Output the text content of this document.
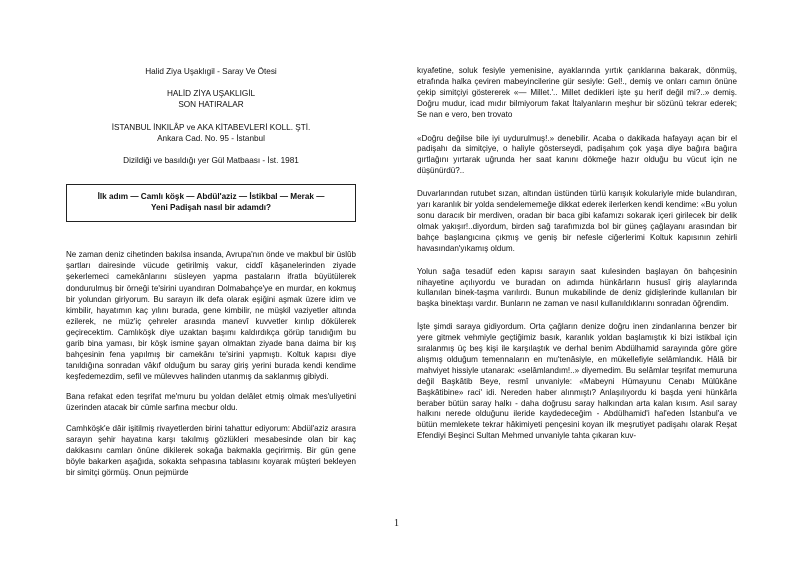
Halid Ziya Uşaklıgil - Saray Ve Ötesi

HALİD ZİYA UŞAKLIGİL

SON HATIRALAR

İSTANBUL İNKILÂP ve AKA KİTABEVLERİ KOLL. ŞTİ.

Ankara Cad. No. 95 - İstanbul

Dizildiği ve basıldığı yer Gül Matbaası - İst. 1981

İlk adım — Camlı köşk — Abdül'aziz — İstikbal — Merak —
Yeni Padişah nasıl bir adamdı?

Ne zaman deniz cihetinden bakılsa insanda, Avrupa'nın önde ve makbul bir üslûb şartları dairesinde vücude getirilmiş vakur, ciddî kâşanelerinden ziyade şekerlemeci camekânlarını süsleyen yapma pastaların ifratla büyütülerek dondurulmuş bir örneği te'sirini uyandıran Dolmabahçe'ye en murdar, en kokmuş bir yolundan giriyorum. Bu sarayın ilk defa olarak eşiğini aşmak üzere idim ve kimbilir, hayatımın kaç yılını burada, gene kimbilir, ne müşkil vaziyetler altında ezilerek, ne müz'iç çehreler arasında manevî kuvvetler kırılıp dökülerek geçirecektim. Camlıköşk diye uzaktan başımı kaldırdıkça görüp tanıdığım bu garib bina yaması, bir köşk ismine şayan olmaktan ziyade bana daima bir kış bahçesinin fena yapılmış bir camekânı te'sirini yapmıştı. Koltuk kapısı diye tanıldığına sonradan vâkıf olduğum bu saray giriş yerini burada kendi kendime keşfedemezdim, sefil ve mülevves halinden utanmış da saklanmış gibiydi.

Bana refakat eden teşrifat me'muru bu yoldan delâlet etmiş olmak mes'uliyetini üzerinden atacak bir cümle sarfına mecbur oldu.

Camhköşk'e dâir işitilmiş rivayetlerden birini tahattur ediyorum: Abdül'aziz arasıra sarayın şehir hayatına karşı takılmış gözlükleri mesabesinde olan bir kaç dakikasını camları önüne dikilerek sokağa bakmakla geçirirmiş. Bir gün gene böyle bakarken aşağıda, sokakta sehpasına tablasını koyarak müşteri bekleyen bir simitçi görmüş. Onun pejmürde

kıyafetine, soluk fesiyle yemenisine, ayaklarında yırtık çarıklarına bakarak, dönmüş, etrafında halka çeviren mabeyincilerine gür sesiyle: Gel!., demiş ve onları camın önüne çekip simitçiyi göstererek «— Millet.'.. Millet dedikleri işte şu herif değil mi?..» demiş. Doğru mudur, icad mıdır bilmiyorum fakat İtalyanların meşhur bir sözünü tekrar ederek; Se nan e vero, ben trovato

«Doğru değilse bile iyi uydurulmuş!.» denebilir. Acaba o dakikada hafayayı açan bir el padişahı da simitçiye, o haliyle gösterseydi, padişahım çok yaşa diye bağıra bağıra gırtlağını yırtarak uğrunda her saat kanını dökmeğe hazır olduğu bu vücut için ne düşünürdü?..

Duvarlarından rutubet sızan, altından üstünden türlü karışık kokulariyle mide bulandıran, yarı karanlık bir yolda sendelememeğe dikkat ederek ilerlerken kendi kendime: «Bu yolun sonu daracık bir merdiven, oradan bir baca gibi kafamızı sokarak içeri girilecek bir delik olmak yakışır!..diyordum, birden sağ tarafımızda bol bir güneş çağlayanı arasından bir bahçe başlangıcına çıkmış ve geniş bir nefesle ciğerlerimi Koltuk kapısının zehirli havasından'yıkamış oldum.

Yolun sağa tesadüf eden kapısı sarayın saat kulesinden başlayan ön bahçesinin nihayetine açılıyordu ve buradan on adımda hünkârların hususî giriş alaylarında kullanılan binek-taşma varılırdı. Bunun mukabilinde de deniz gidişlerinde kullanılan bir başka binektaşı vardır. Bunların ne zaman ve nasıl kullanıldıklarını sonradan öğrendim.

İşte şimdi saraya gidiyordum. Orta çağların denize doğru inen zindanlarına benzer bir yere gitmek vehmiyle geçtiğimiz basık, karanlık yoldan başlamıştık ki bizi istikbal için sıralanmış üç beş kişi ile karşılaştık ve derhal benim Abdülhamid sarayında göre göre alışmış olduğum temennaların en mu'tenâsiyle, en mükellefiyle selâmlandık. Hâlâ bir mahviyet hissiyle utanarak: «selâmlandım!..» diyemedim. Bu selâmlar teşrifat memuruna değil Başkâtib Beye, resmî unvaniyle: «Mabeyni Hümayunu Cenabı Mülûkâne Başkâtibine» raci' idi. Nereden haber alınmıştı? Anlaşılıyordu ki başda yeni hünkârla beraber bütün saray halkı - daha doğrusu saray halkından arta kalan kısım. Asıl saray halkını nerede olduğunu ileride kaydedeceğim - Abdülhamid'i hal'eden İstanbul'a ve bütün memlekete tekrar hâkimiyeti pençesini koyan ilk meşrutiyet padişahı olarak Reşat Efendiyi Beşinci Sultan Mehmed unvaniyle tahta çıkaran kuv-

1
